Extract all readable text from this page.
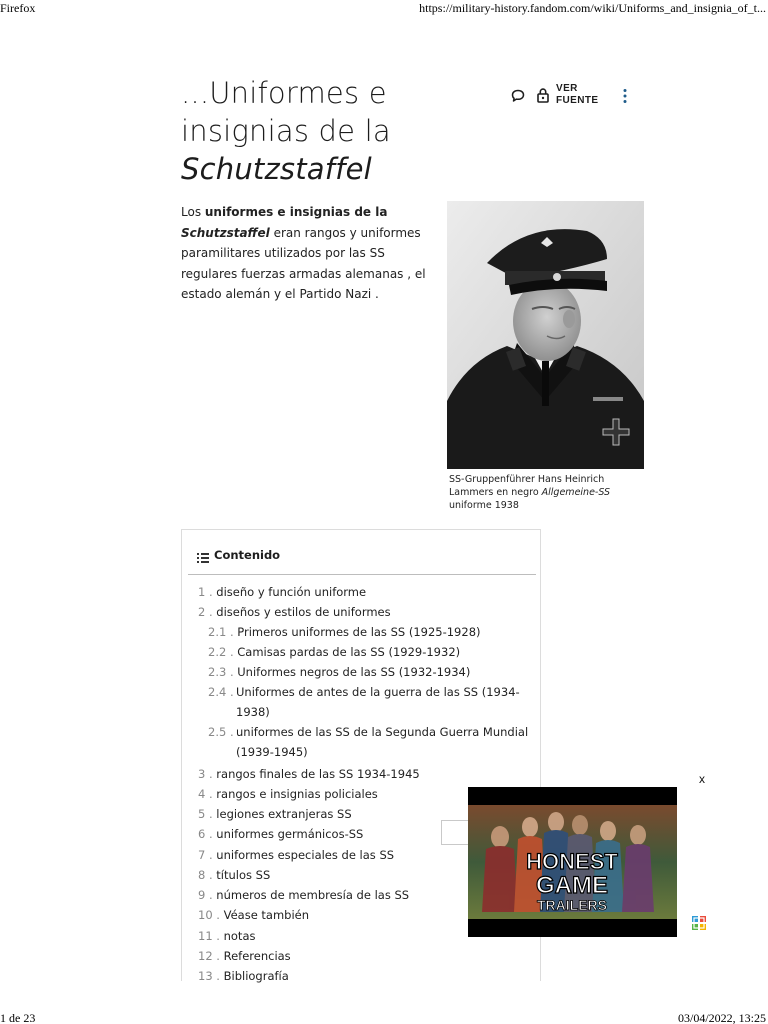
Firefox	https://military-history.fandom.com/wiki/Uniforms_and_insignia_of_t...
...Uniformes e
insignias de la
Schutzstaffel
VER
FUENTE

Los uniformes e insignias de la Schutzstaffel eran rangos y uniformes paramilitares utilizados por las SS regulares fuerzas armadas alemanas , el estado alemán y el Partido Nazi .

SS-Gruppenführer Hans Heinrich Lammers en negro Allgemeine-SS uniforme 1938
Contenido
1 . diseño y función uniforme
2 . diseños y estilos de uniformes
2.1 . Primeros uniformes de las SS (1925-1928)
2.2 . Camisas pardas de las SS (1929-1932)
2.3 . Uniformes negros de las SS (1932-1934)
2.4 . Uniformes de antes de la guerra de las SS (1934-1938)
2.5 . uniformes de las SS de la Segunda Guerra Mundial (1939-1945)
3 . rangos finales de las SS 1934-1945
4 . rangos e insignias policiales
5 . legiones extranjeras SS
6 . uniformes germánicos-SS
7 . uniformes especiales de las SS
8 . títulos SS
9 . números de membresía de las SS
10 . Véase también
11 . notas
12 . Referencias
13 . Bibliografía
x
HONEST
GAME
TRAILERS
1 de 23	03/04/2022, 13:25
